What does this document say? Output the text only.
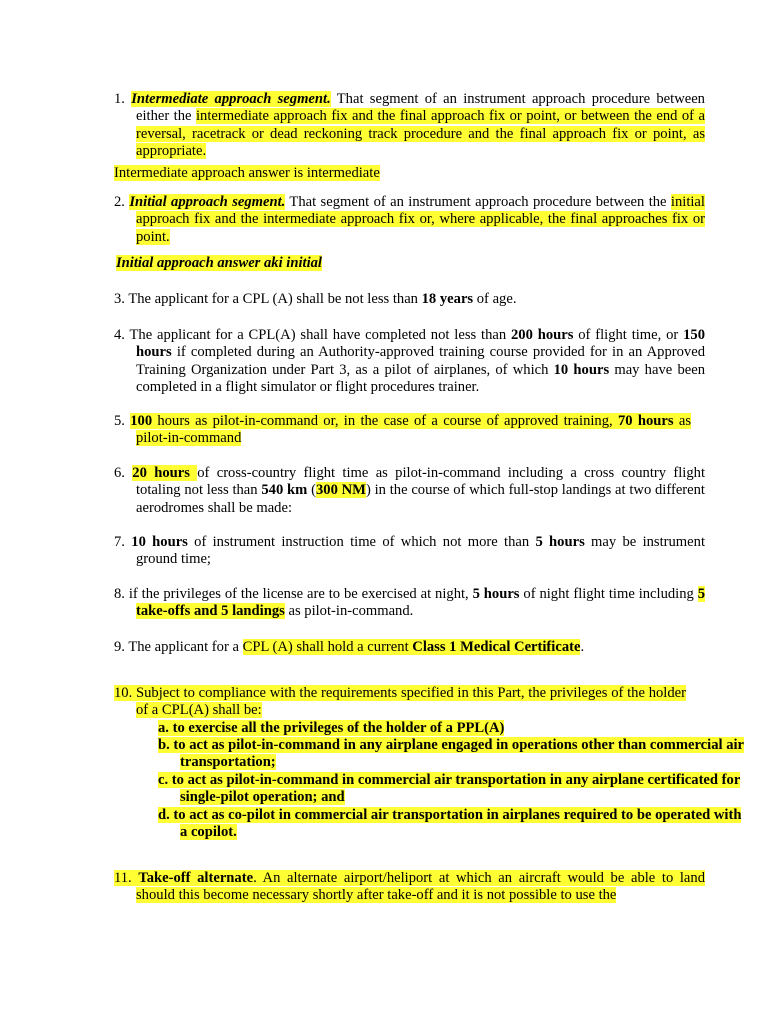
1. Intermediate approach segment. That segment of an instrument approach procedure between either the intermediate approach fix and the final approach fix or point, or between the end of a reversal, racetrack or dead reckoning track procedure and the final approach fix or point, as appropriate.
Intermediate approach answer is intermediate
2. Initial approach segment. That segment of an instrument approach procedure between the initial approach fix and the intermediate approach fix or, where applicable, the final approaches fix or point.
Initial approach answer aki initial
3. The applicant for a CPL (A) shall be not less than 18 years of age.
4. The applicant for a CPL(A) shall have completed not less than 200 hours of flight time, or 150 hours if completed during an Authority-approved training course provided for in an Approved Training Organization under Part 3, as a pilot of airplanes, of which 10 hours may have been completed in a flight simulator or flight procedures trainer.
5. 100 hours as pilot-in-command or, in the case of a course of approved training, 70 hours as pilot-in-command
6. 20 hours of cross-country flight time as pilot-in-command including a cross country flight totaling not less than 540 km (300 NM) in the course of which full-stop landings at two different aerodromes shall be made:
7. 10 hours of instrument instruction time of which not more than 5 hours may be instrument ground time;
8. if the privileges of the license are to be exercised at night, 5 hours of night flight time including 5 take-offs and 5 landings as pilot-in-command.
9. The applicant for a CPL (A) shall hold a current Class 1 Medical Certificate.
10. Subject to compliance with the requirements specified in this Part, the privileges of the holder of a CPL(A) shall be:
a. to exercise all the privileges of the holder of a PPL(A)
b. to act as pilot-in-command in any airplane engaged in operations other than commercial air transportation;
c. to act as pilot-in-command in commercial air transportation in any airplane certificated for single-pilot operation; and
d. to act as co-pilot in commercial air transportation in airplanes required to be operated with a copilot.
11. Take-off alternate. An alternate airport/heliport at which an aircraft would be able to land should this become necessary shortly after take-off and it is not possible to use the
